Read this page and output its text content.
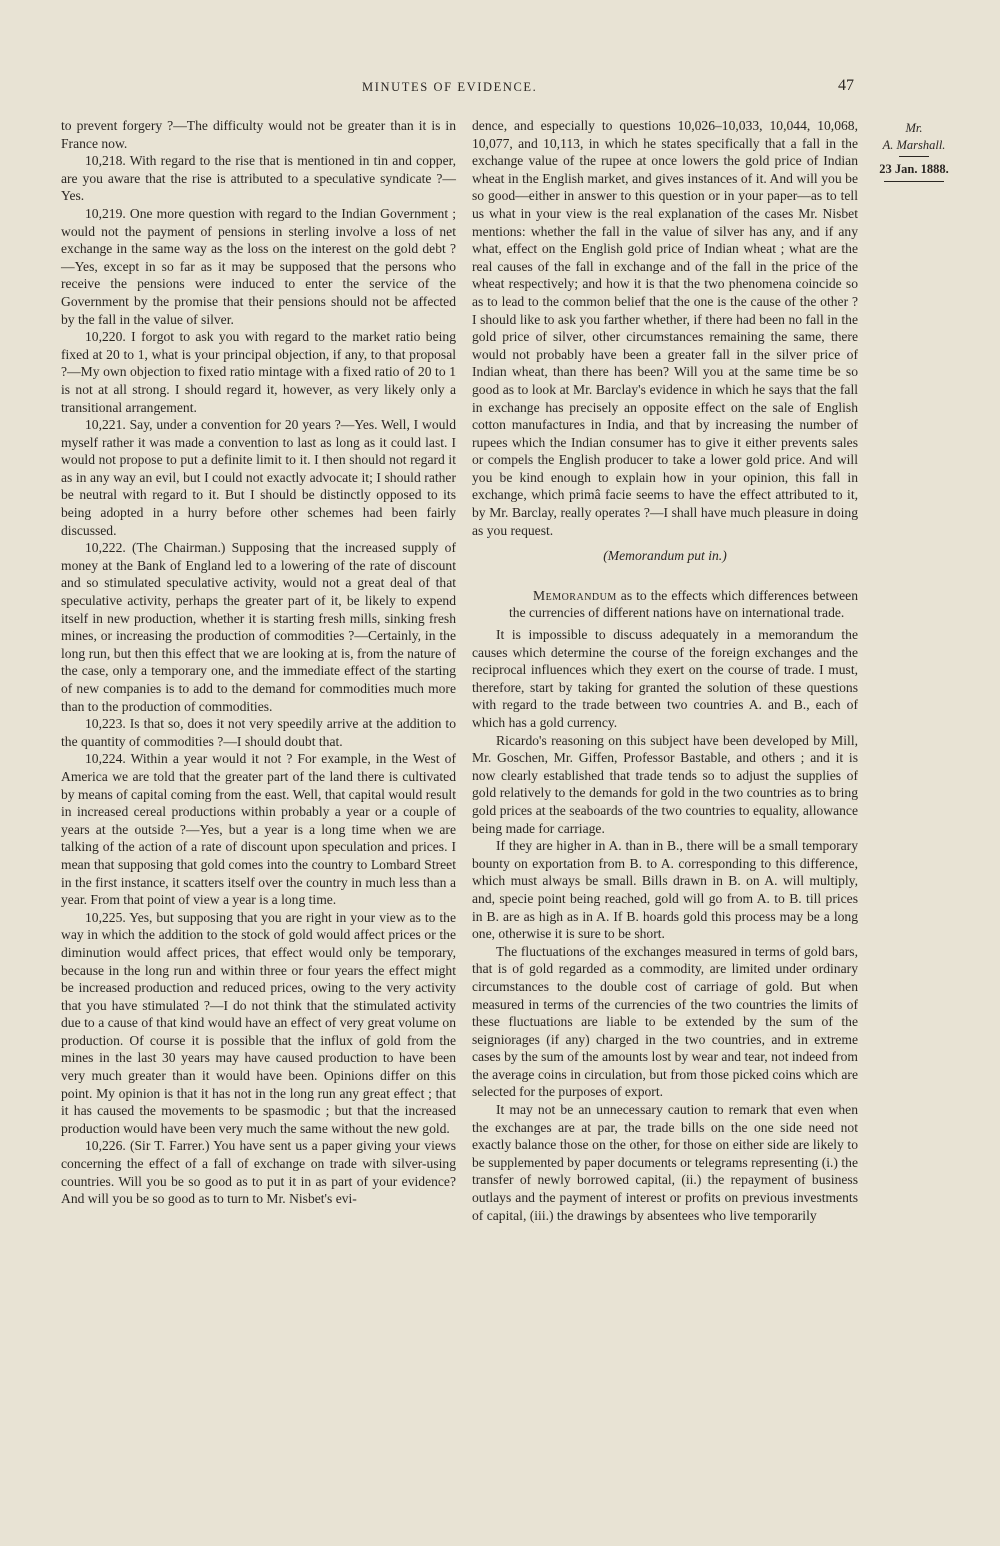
MINUTES OF EVIDENCE.	47
Mr.
A. Marshall.
23 Jan. 1888.

to prevent forgery ?—The difficulty would not be greater than it is in France now.

10,218. With regard to the rise that is mentioned in tin and copper, are you aware that the rise is attributed to a speculative syndicate ?—Yes.

10,219. One more question with regard to the Indian Government ; would not the payment of pensions in sterling involve a loss of net exchange in the same way as the loss on the interest on the gold debt ?—Yes, except in so far as it may be supposed that the persons who receive the pensions were induced to enter the service of the Government by the promise that their pensions should not be affected by the fall in the value of silver.

10,220. I forgot to ask you with regard to the market ratio being fixed at 20 to 1, what is your principal objection, if any, to that proposal ?—My own objection to fixed ratio mintage with a fixed ratio of 20 to 1 is not at all strong. I should regard it, however, as very likely only a transitional arrangement.

10,221. Say, under a convention for 20 years ?—Yes. Well, I would myself rather it was made a convention to last as long as it could last. I would not propose to put a definite limit to it. I then should not regard it as in any way an evil, but I could not exactly advocate it; I should rather be neutral with regard to it. But I should be distinctly opposed to its being adopted in a hurry before other schemes had been fairly discussed.

10,222. (The Chairman.) Supposing that the increased supply of money at the Bank of England led to a lowering of the rate of discount and so stimulated speculative activity, would not a great deal of that speculative activity, perhaps the greater part of it, be likely to expend itself in new production, whether it is starting fresh mills, sinking fresh mines, or increasing the production of commodities ?—Certainly, in the long run, but then this effect that we are looking at is, from the nature of the case, only a temporary one, and the immediate effect of the starting of new companies is to add to the demand for commodities much more than to the production of commodities.

10,223. Is that so, does it not very speedily arrive at the addition to the quantity of commodities ?—I should doubt that.

10,224. Within a year would it not ? For example, in the West of America we are told that the greater part of the land there is cultivated by means of capital coming from the east. Well, that capital would result in increased cereal productions within probably a year or a couple of years at the outside ?—Yes, but a year is a long time when we are talking of the action of a rate of discount upon speculation and prices. I mean that supposing that gold comes into the country to Lombard Street in the first instance, it scatters itself over the country in much less than a year. From that point of view a year is a long time.

10,225. Yes, but supposing that you are right in your view as to the way in which the addition to the stock of gold would affect prices or the diminution would affect prices, that effect would only be temporary, because in the long run and within three or four years the effect might be increased production and reduced prices, owing to the very activity that you have stimulated ?—I do not think that the stimulated activity due to a cause of that kind would have an effect of very great volume on production. Of course it is possible that the influx of gold from the mines in the last 30 years may have caused production to have been very much greater than it would have been. Opinions differ on this point. My opinion is that it has not in the long run any great effect ; that it has caused the movements to be spasmodic ; but that the increased production would have been very much the same without the new gold.

10,226. (Sir T. Farrer.) You have sent us a paper giving your views concerning the effect of a fall of exchange on trade with silver-using countries. Will you be so good as to put it in as part of your evidence? And will you be so good as to turn to Mr. Nisbet's evi-

dence, and especially to questions 10,026–10,033, 10,044, 10,068, 10,077, and 10,113, in which he states specifically that a fall in the exchange value of the rupee at once lowers the gold price of Indian wheat in the English market, and gives instances of it. And will you be so good—either in answer to this question or in your paper—as to tell us what in your view is the real explanation of the cases Mr. Nisbet mentions: whether the fall in the value of silver has any, and if any what, effect on the English gold price of Indian wheat ; what are the real causes of the fall in exchange and of the fall in the price of the wheat respectively; and how it is that the two phenomena coincide so as to lead to the common belief that the one is the cause of the other ? I should like to ask you farther whether, if there had been no fall in the gold price of silver, other circumstances remaining the same, there would not probably have been a greater fall in the silver price of Indian wheat, than there has been? Will you at the same time be so good as to look at Mr. Barclay's evidence in which he says that the fall in exchange has precisely an opposite effect on the sale of English cotton manufactures in India, and that by increasing the number of rupees which the Indian consumer has to give it either prevents sales or compels the English producer to take a lower gold price. And will you be kind enough to explain how in your opinion, this fall in exchange, which primâ facie seems to have the effect attributed to it, by Mr. Barclay, really operates ?—I shall have much pleasure in doing as you request.

(Memorandum put in.)

Memorandum as to the effects which differences between the currencies of different nations have on international trade.

It is impossible to discuss adequately in a memorandum the causes which determine the course of the foreign exchanges and the reciprocal influences which they exert on the course of trade. I must, therefore, start by taking for granted the solution of these questions with regard to the trade between two countries A. and B., each of which has a gold currency.

Ricardo's reasoning on this subject have been developed by Mill, Mr. Goschen, Mr. Giffen, Professor Bastable, and others ; and it is now clearly established that trade tends so to adjust the supplies of gold relatively to the demands for gold in the two countries as to bring gold prices at the seaboards of the two countries to equality, allowance being made for carriage.

If they are higher in A. than in B., there will be a small temporary bounty on exportation from B. to A. corresponding to this difference, which must always be small. Bills drawn in B. on A. will multiply, and, specie point being reached, gold will go from A. to B. till prices in B. are as high as in A. If B. hoards gold this process may be a long one, otherwise it is sure to be short.

The fluctuations of the exchanges measured in terms of gold bars, that is of gold regarded as a commodity, are limited under ordinary circumstances to the double cost of carriage of gold. But when measured in terms of the currencies of the two countries the limits of these fluctuations are liable to be extended by the sum of the seigniorages (if any) charged in the two countries, and in extreme cases by the sum of the amounts lost by wear and tear, not indeed from the average coins in circulation, but from those picked coins which are selected for the purposes of export.

It may not be an unnecessary caution to remark that even when the exchanges are at par, the trade bills on the one side need not exactly balance those on the other, for those on either side are likely to be supplemented by paper documents or telegrams representing (i.) the transfer of newly borrowed capital, (ii.) the repayment of business outlays and the payment of interest or profits on previous investments of capital, (iii.) the drawings by absentees who live temporarily
